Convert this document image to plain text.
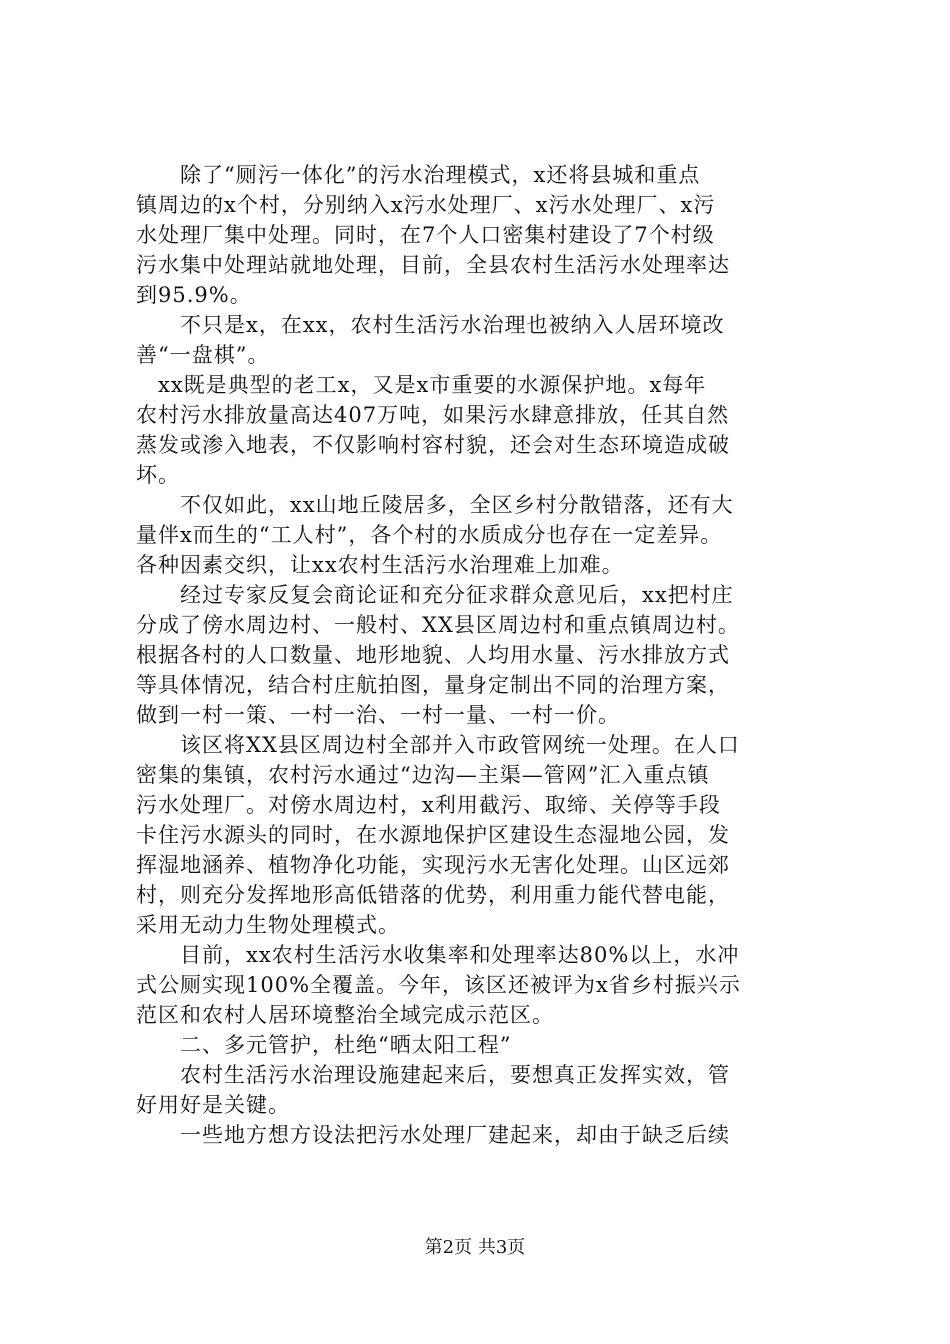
　　除了“厕污一体化”的污水治理模式，x还将县城和重点
镇周边的x个村，分别纳入x污水处理厂、x污水处理厂、x污
水处理厂集中处理。同时，在7个人口密集村建设了7个村级
污水集中处理站就地处理，目前，全县农村生活污水处理率达
到95.9%。
　　不只是x，在xx，农村生活污水治理也被纳入人居环境改
善“一盘棋”。
　xx既是典型的老工x，又是x市重要的水源保护地。x每年
农村污水排放量高达407万吨，如果污水肆意排放，任其自然
蒸发或渗入地表，不仅影响村容村貌，还会对生态环境造成破
坏。
　　不仅如此，xx山地丘陵居多，全区乡村分散错落，还有大
量伴x而生的“工人村”，各个村的水质成分也存在一定差异。
各种因素交织，让xx农村生活污水治理难上加难。
　　经过专家反复会商论证和充分征求群众意见后，xx把村庄
分成了傍水周边村、一般村、XX县区周边村和重点镇周边村。
根据各村的人口数量、地形地貌、人均用水量、污水排放方式
等具体情况，结合村庄航拍图，量身定制出不同的治理方案，
做到一村一策、一村一治、一村一量、一村一价。
　　该区将XX县区周边村全部并入市政管网统一处理。在人口
密集的集镇，农村污水通过“边沟—主渠—管网”汇入重点镇
污水处理厂。对傍水周边村，x利用截污、取缔、关停等手段
卡住污水源头的同时，在水源地保护区建设生态湿地公园，发
挥湿地涵养、植物净化功能，实现污水无害化处理。山区远郊
村，则充分发挥地形高低错落的优势，利用重力能代替电能，
采用无动力生物处理模式。
　　目前，xx农村生活污水收集率和处理率达80%以上，水冲
式公厕实现100%全覆盖。今年，该区还被评为x省乡村振兴示
范区和农村人居环境整治全域完成示范区。
　　二、多元管护，杜绝“晒太阳工程”
　　农村生活污水治理设施建起来后，要想真正发挥实效，管
好用好是关键。
　　一些地方想方设法把污水处理厂建起来，却由于缺乏后续
第2页 共3页
